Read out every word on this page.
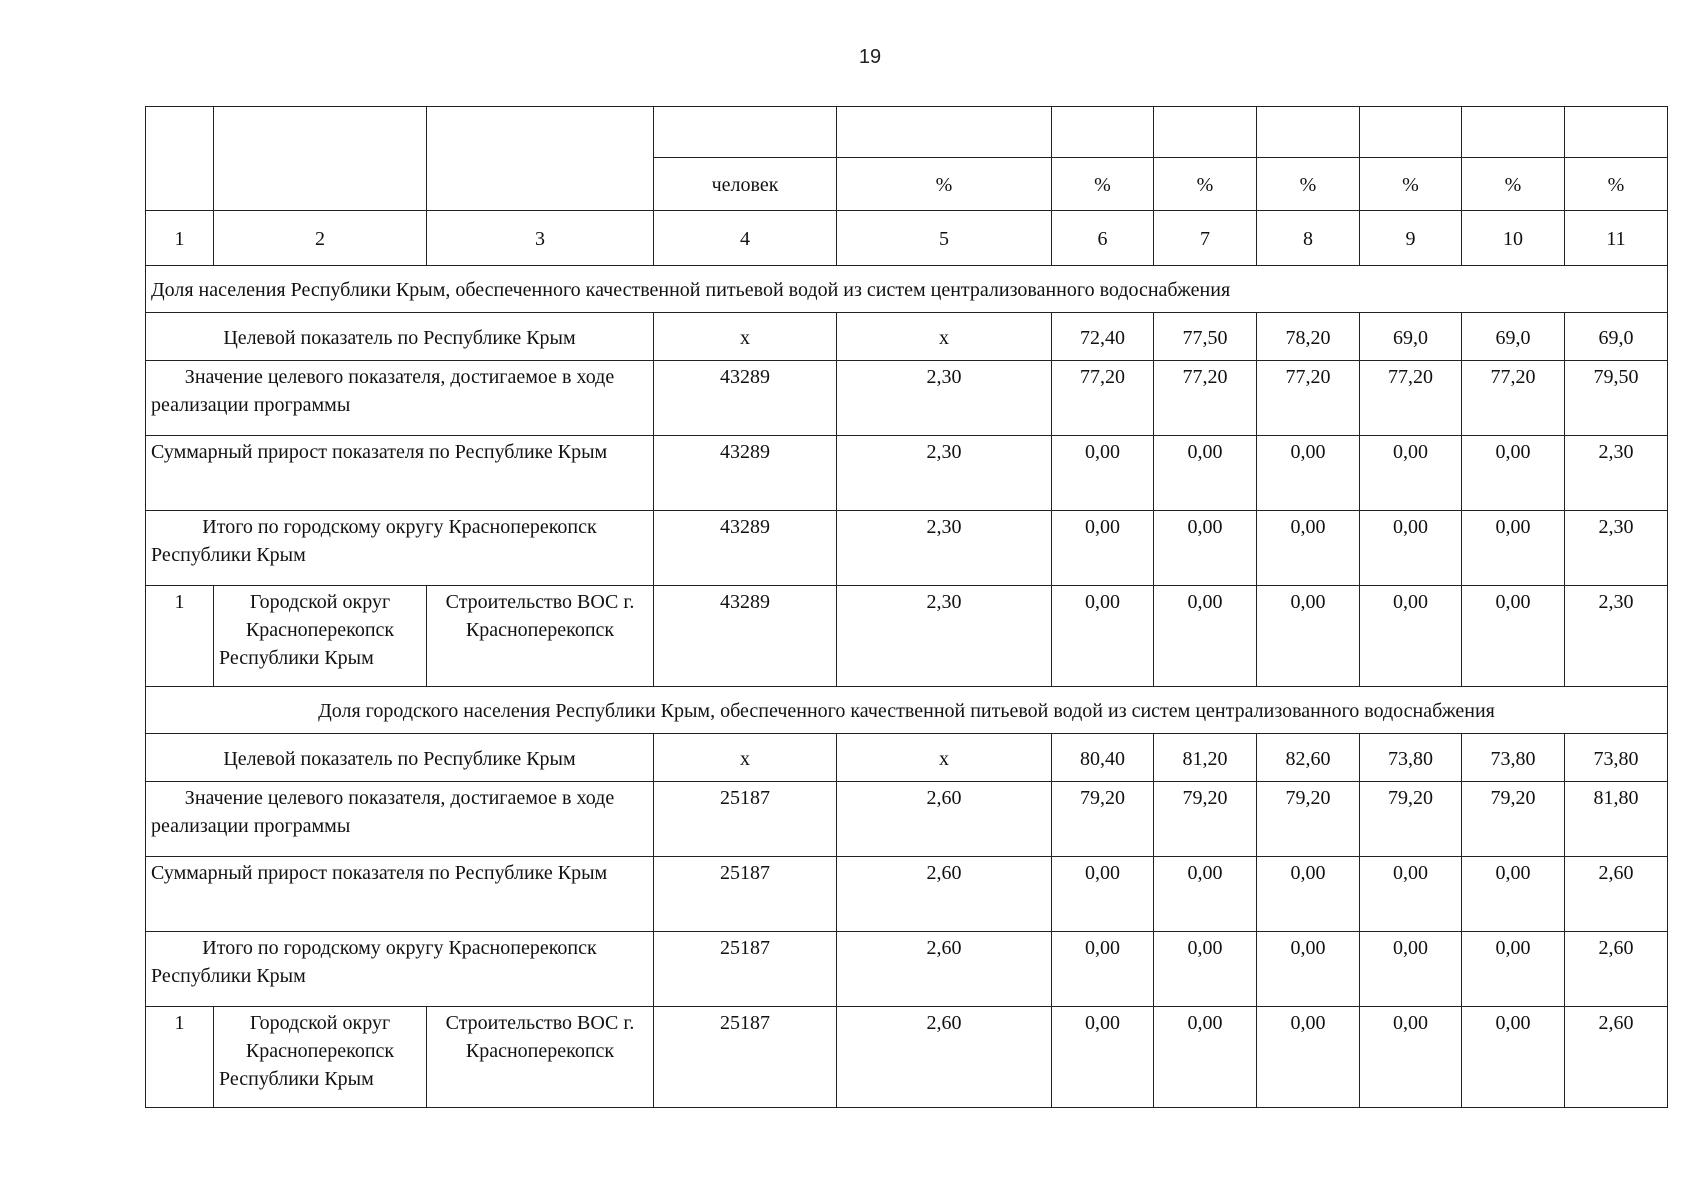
19

			человек	%	%	%	%	%	%	%
1	2	3	4	5	6	7	8	9	10	11
Доля населения Республики Крым, обеспеченного качественной питьевой водой из систем централизованного водоснабжения										
Целевой показатель по Республике Крым			х	х	72,40	77,50	78,20	69,0	69,0	69,0
Значение целевого показателя, достигаемое в ходе реализации программы			43289	2,30	77,20	77,20	77,20	77,20	77,20	79,50
Суммарный прирост показателя по Республике Крым			43289	2,30	0,00	0,00	0,00	0,00	0,00	2,30
Итого по городскому округу Красноперекопск Республики Крым			43289	2,30	0,00	0,00	0,00	0,00	0,00	2,30
1	Городской округ Красноперекопск Республики Крым	Строительство ВОС г. Красноперекопск	43289	2,30	0,00	0,00	0,00	0,00	0,00	2,30
Доля городского населения Республики Крым, обеспеченного качественной питьевой водой из систем централизованного водоснабжения										
Целевой показатель по Республике Крым			х	х	80,40	81,20	82,60	73,80	73,80	73,80
Значение целевого показателя, достигаемое в ходе реализации программы			25187	2,60	79,20	79,20	79,20	79,20	79,20	81,80
Суммарный прирост показателя по Республике Крым			25187	2,60	0,00	0,00	0,00	0,00	0,00	2,60
Итого по городскому округу Красноперекопск Республики Крым			25187	2,60	0,00	0,00	0,00	0,00	0,00	2,60
1	Городской округ Красноперекопск Республики Крым	Строительство ВОС г. Красноперекопск	25187	2,60	0,00	0,00	0,00	0,00	0,00	2,60
